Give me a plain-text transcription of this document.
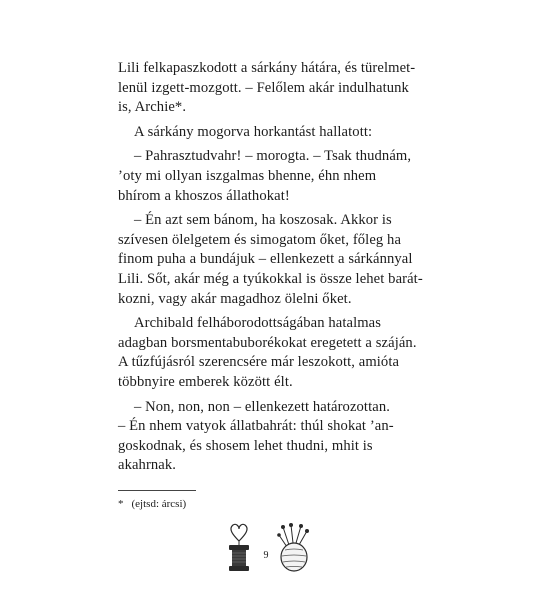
Lili felkapaszkodott a sárkány hátára, és türelmet-
lenül izgett-mozgott. – Felőlem akár indulhatunk
is, Archie*.
A sárkány mogorva horkantást hallatott:
– Pahrasztudvahr! – morogta. – Tsak thudnám,
’oty mi ollyan iszgalmas bhenne, éhn nhem
bhírom a khoszos állathokat!
– Én azt sem bánom, ha koszosak. Akkor is
szívesen ölelgetem és simogatom őket, főleg ha
finom puha a bundájuk – ellenkezett a sárkánnyal
Lili. Sőt, akár még a tyúkokkal is össze lehet barát-
kozni, vagy akár magadhoz ölelni őket.
Archibald felháborodottságában hatalmas
adagban borsmentabuborékokat eregetett a száján.
A tűzfújásról szerencsére már leszokott, amióta
többnyire emberek között élt.
– Non, non, non – ellenkezett határozottan.
– Én nhem vatyok állatbahrát: thúl shokat ’an-
goskodnak, és shosem lehet thudni, mhit is
akahrnak.
* (ejtsd: árcsi)
9
